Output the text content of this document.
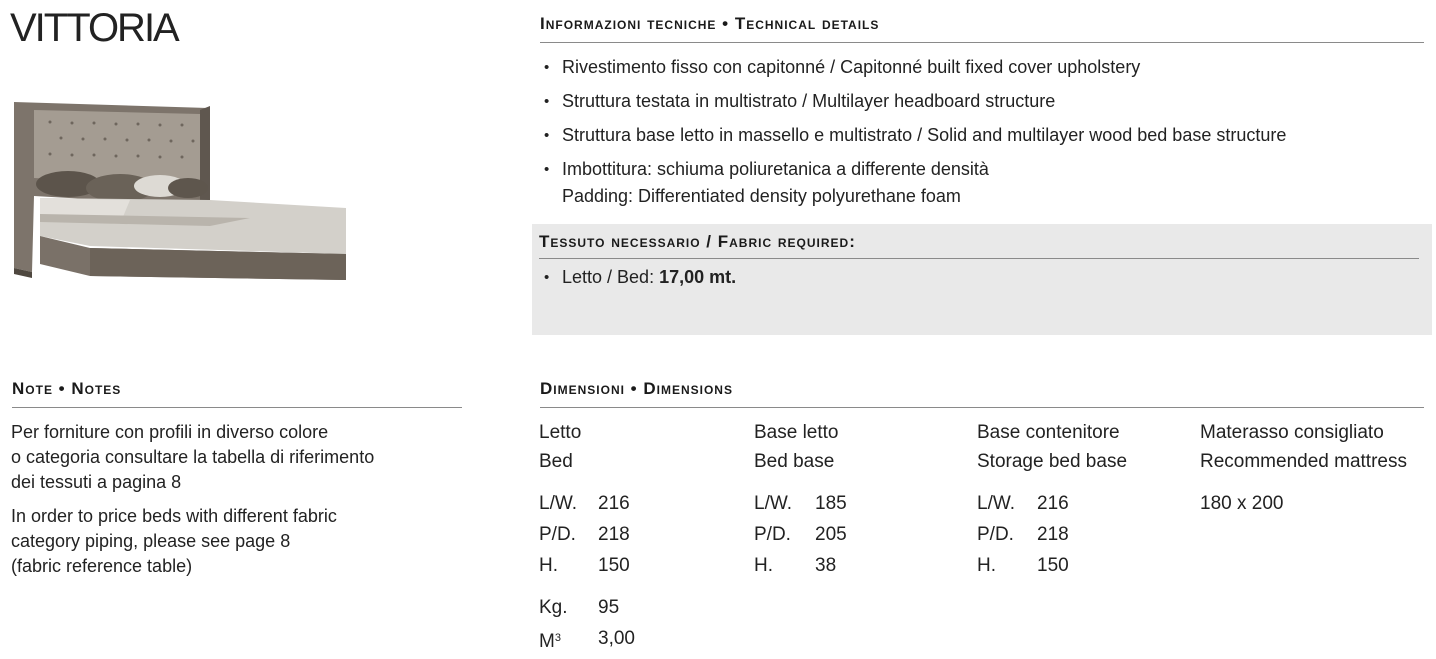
VITTORIA	Informazioni tecniche • Technical details
• Rivestimento fisso con capitonné / Capitonné built fixed cover upholstery
• Struttura testata in multistrato / Multilayer headboard structure
• Struttura base letto in massello e multistrato / Solid and multilayer wood bed base structure
• Imbottitura: schiuma poliuretanica a differente densità
Padding: Differentiated density polyurethane foam
Tessuto necessario / Fabric required:
• Letto / Bed: 17,00 mt.
Note • Notes

Per forniture con profili in diverso colore
o categoria consultare la tabella di riferimento
dei tessuti a pagina 8

In order to price beds with different fabric
category piping, please see page 8
(fabric reference table)

Dimensioni • Dimensions
Letto
Bed
L/W.	216
P/D.	218
H.	150
Kg.	95
$M^3$	3,00
Base letto
Bed base
L/W.	185
P/D.	205
H.	38
Base contenitore
Storage bed base
L/W.	216
P/D.	218
H.	150
Materasso consigliato
Recommended mattress
180 x 200
